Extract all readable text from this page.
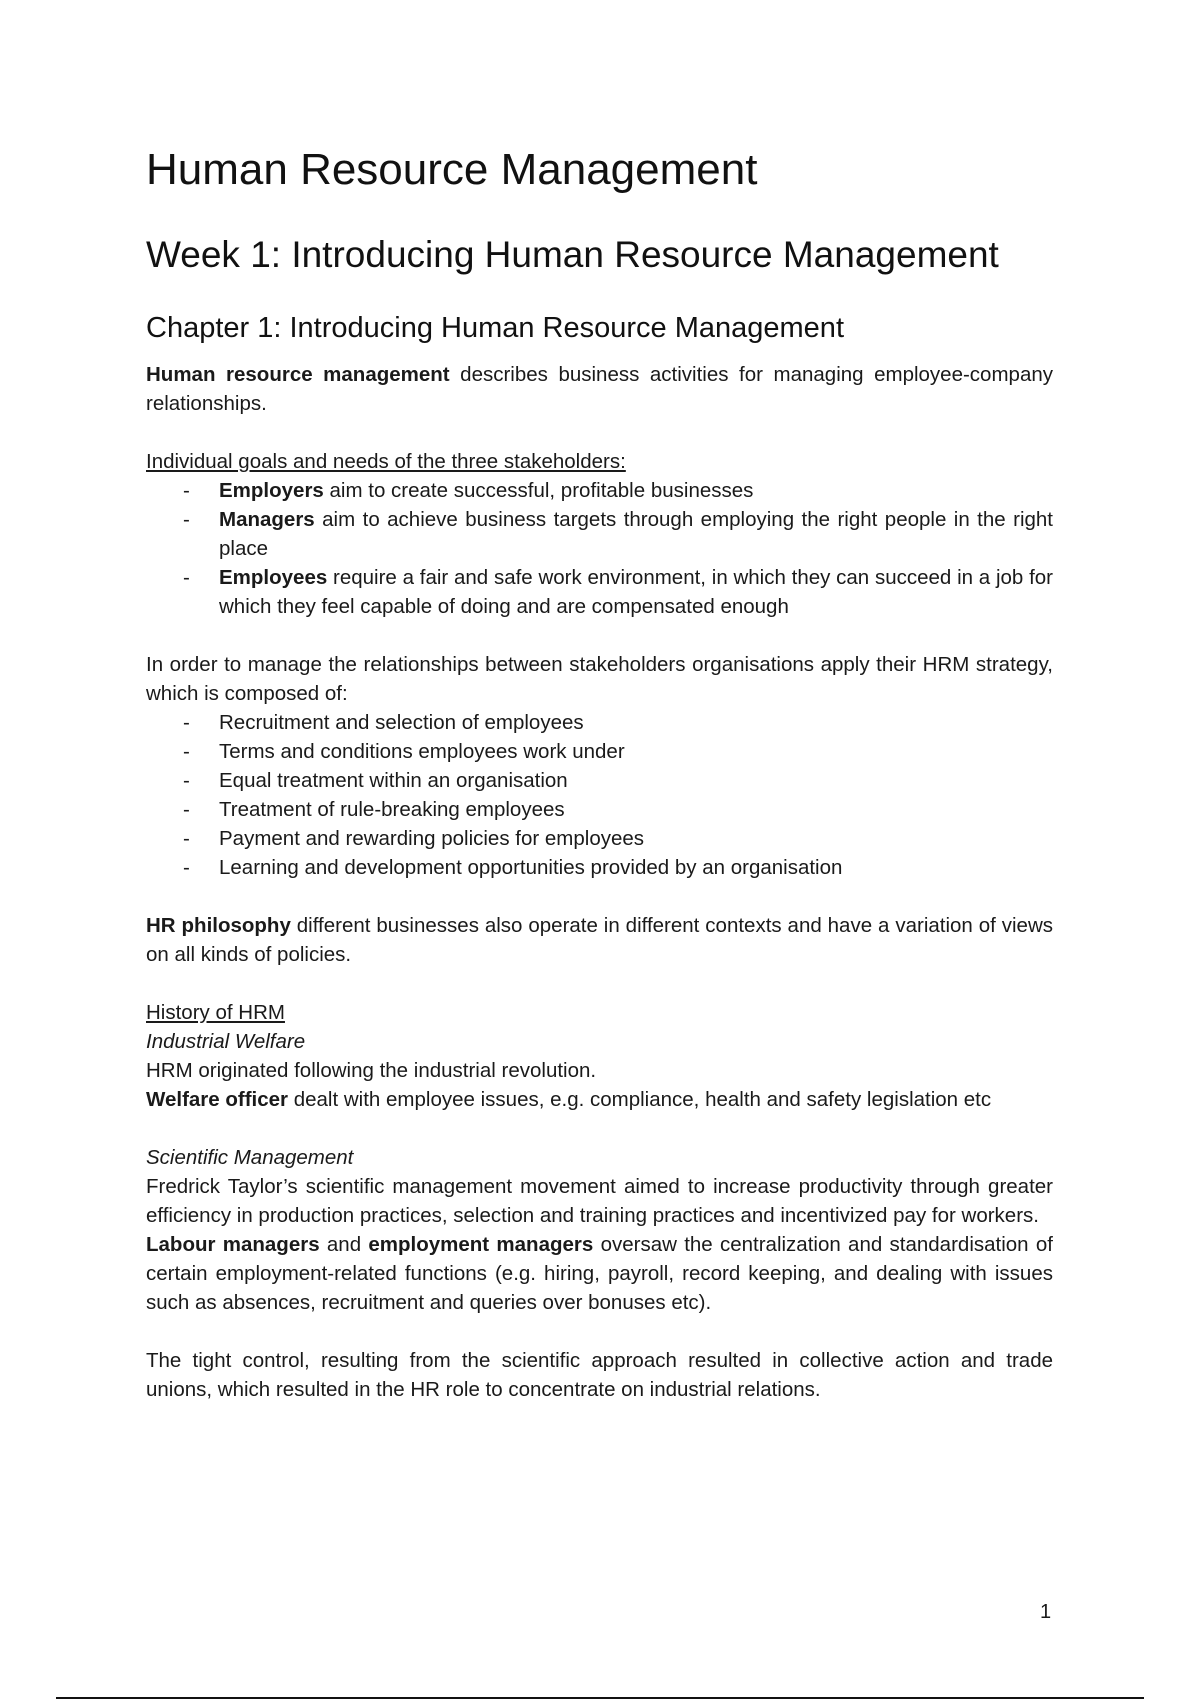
Human Resource Management
Week 1: Introducing Human Resource Management
Chapter 1: Introducing Human Resource Management

Human resource management describes business activities for managing employee-company relationships.

Individual goals and needs of the three stakeholders:

- Employers aim to create successful, profitable businesses
- Managers aim to achieve business targets through employing the right people in the right place
- Employees require a fair and safe work environment, in which they can succeed in a job for which they feel capable of doing and are compensated enough

In order to manage the relationships between stakeholders organisations apply their HRM strategy, which is composed of:

- Recruitment and selection of employees
- Terms and conditions employees work under
- Equal treatment within an organisation
- Treatment of rule-breaking employees
- Payment and rewarding policies for employees
- Learning and development opportunities provided by an organisation

HR philosophy different businesses also operate in different contexts and have a variation of views on all kinds of policies.

History of HRM

Industrial Welfare

HRM originated following the industrial revolution.

Welfare officer dealt with employee issues, e.g. compliance, health and safety legislation etc

Scientific Management

Fredrick Taylor’s scientific management movement aimed to increase productivity through greater efficiency in production practices, selection and training practices and incentivized pay for workers.

Labour managers and employment managers oversaw the centralization and standardisation of certain employment-related functions (e.g. hiring, payroll, record keeping, and dealing with issues such as absences, recruitment and queries over bonuses etc).

The tight control, resulting from the scientific approach resulted in collective action and trade unions, which resulted in the HR role to concentrate on industrial relations.

1
